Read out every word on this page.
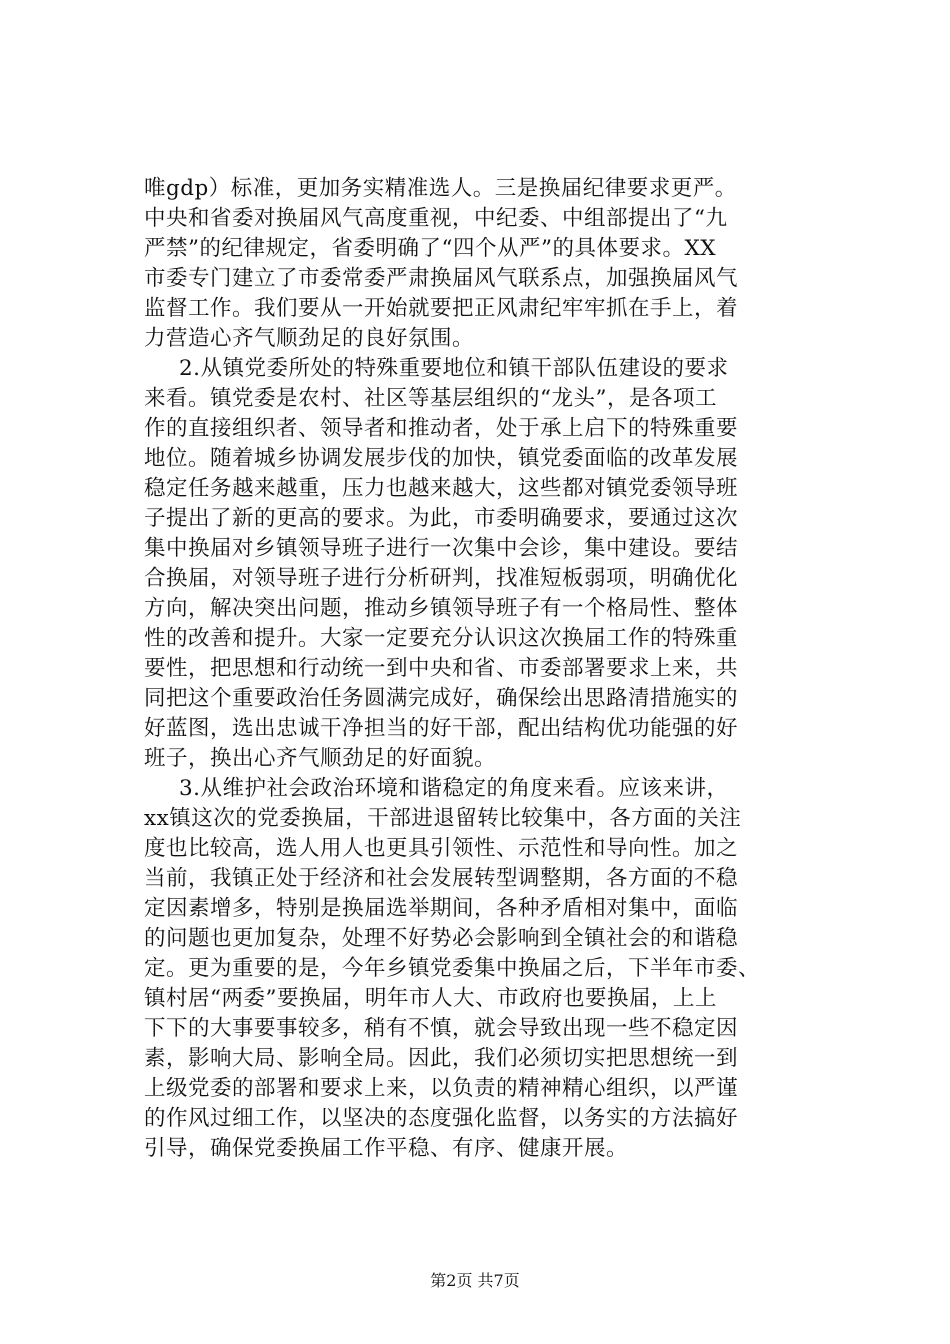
唯gdp）标准，更加务实精准选人。三是换届纪律要求更严。
中央和省委对换届风气高度重视，中纪委、中组部提出了“九
严禁”的纪律规定，省委明确了“四个从严”的具体要求。XX
市委专门建立了市委常委严肃换届风气联系点，加强换届风气
监督工作。我们要从一开始就要把正风肃纪牢牢抓在手上，着
力营造心齐气顺劲足的良好氛围。
2.从镇党委所处的特殊重要地位和镇干部队伍建设的要求
来看。镇党委是农村、社区等基层组织的“龙头”，是各项工
作的直接组织者、领导者和推动者，处于承上启下的特殊重要
地位。随着城乡协调发展步伐的加快，镇党委面临的改革发展
稳定任务越来越重，压力也越来越大，这些都对镇党委领导班
子提出了新的更高的要求。为此，市委明确要求，要通过这次
集中换届对乡镇领导班子进行一次集中会诊，集中建设。要结
合换届，对领导班子进行分析研判，找准短板弱项，明确优化
方向，解决突出问题，推动乡镇领导班子有一个格局性、整体
性的改善和提升。大家一定要充分认识这次换届工作的特殊重
要性，把思想和行动统一到中央和省、市委部署要求上来，共
同把这个重要政治任务圆满完成好，确保绘出思路清措施实的
好蓝图，选出忠诚干净担当的好干部，配出结构优功能强的好
班子，换出心齐气顺劲足的好面貌。
3.从维护社会政治环境和谐稳定的角度来看。应该来讲，
xx镇这次的党委换届，干部进退留转比较集中，各方面的关注
度也比较高，选人用人也更具引领性、示范性和导向性。加之
当前，我镇正处于经济和社会发展转型调整期，各方面的不稳
定因素增多，特别是换届选举期间，各种矛盾相对集中，面临
的问题也更加复杂，处理不好势必会影响到全镇社会的和谐稳
定。更为重要的是，今年乡镇党委集中换届之后，下半年市委、
镇村居“两委”要换届，明年市人大、市政府也要换届，上上
下下的大事要事较多，稍有不慎，就会导致出现一些不稳定因
素，影响大局、影响全局。因此，我们必须切实把思想统一到
上级党委的部署和要求上来，以负责的精神精心组织，以严谨
的作风过细工作，以坚决的态度强化监督，以务实的方法搞好
引导，确保党委换届工作平稳、有序、健康开展。
第2页 共7页
